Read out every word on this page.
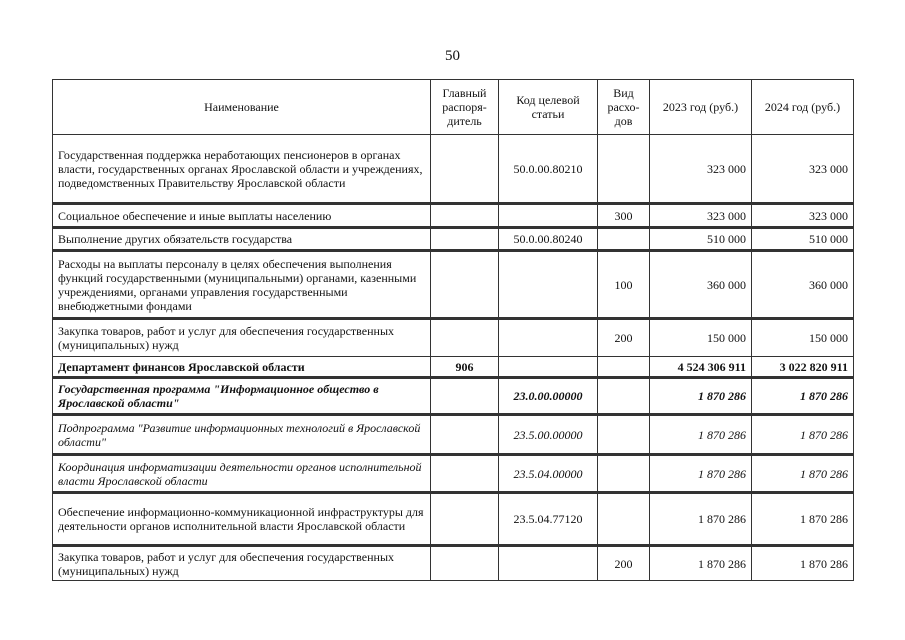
50
Наименование	Главный распоря-дитель	Код целевой статьи	Вид расхо-дов	2023 год (руб.)	2024 год (руб.)
Государственная поддержка неработающих пенсионеров в органах власти, государственных органах Ярославской области и учреждениях, подведомственных Правительству Ярославской области		50.0.00.80210		323 000	323 000
Социальное обеспечение и иные выплаты населению			300	323 000	323 000
Выполнение других обязательств государства		50.0.00.80240		510 000	510 000
Расходы на выплаты персоналу в целях обеспечения выполнения функций государственными (муниципальными) органами, казенными учреждениями, органами управления государственными внебюджетными фондами			100	360 000	360 000
Закупка товаров, работ и услуг для обеспечения государственных (муниципальных) нужд			200	150 000	150 000
Департамент финансов Ярославской области	906			4 524 306 911	3 022 820 911
Государственная программа "Информационное общество в Ярославской области"		23.0.00.00000		1 870 286	1 870 286
Подпрограмма "Развитие информационных технологий в Ярославской области"		23.5.00.00000		1 870 286	1 870 286
Координация информатизации деятельности органов исполнительной власти Ярославской области		23.5.04.00000		1 870 286	1 870 286
Обеспечение информационно-коммуникационной инфраструктуры для деятельности органов исполнительной власти Ярославской области		23.5.04.77120		1 870 286	1 870 286
Закупка товаров, работ и услуг для обеспечения государственных (муниципальных) нужд			200	1 870 286	1 870 286
